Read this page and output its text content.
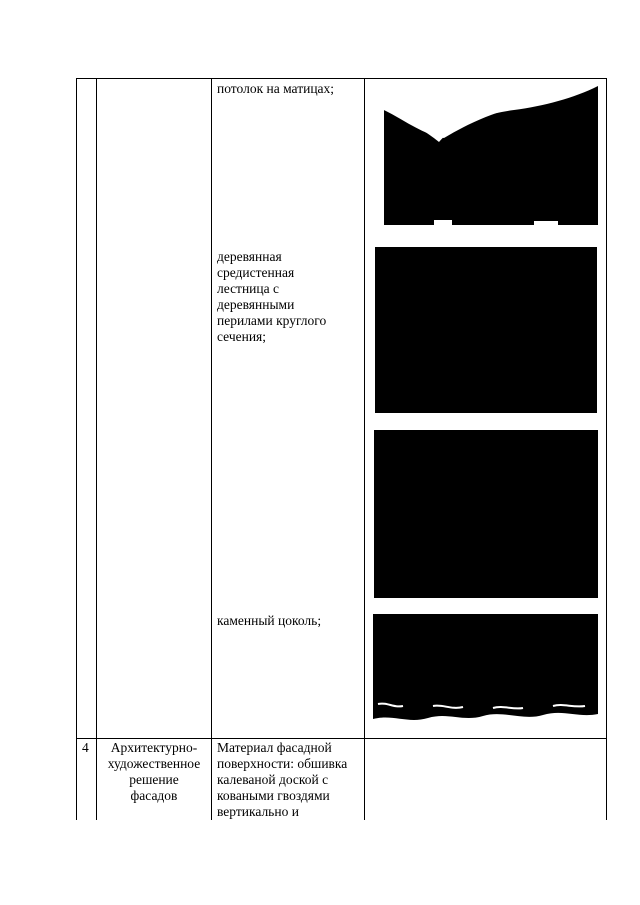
потолок на матицах;
деревянная
средистенная
лестница с
деревянными
перилами круглого
сечения;
каменный цоколь;
4	Архитектурно-
художественное
решение
фасадов
Материал фасадной
поверхности: обшивка
калеваной доской с
коваными гвоздями
вертикально и
